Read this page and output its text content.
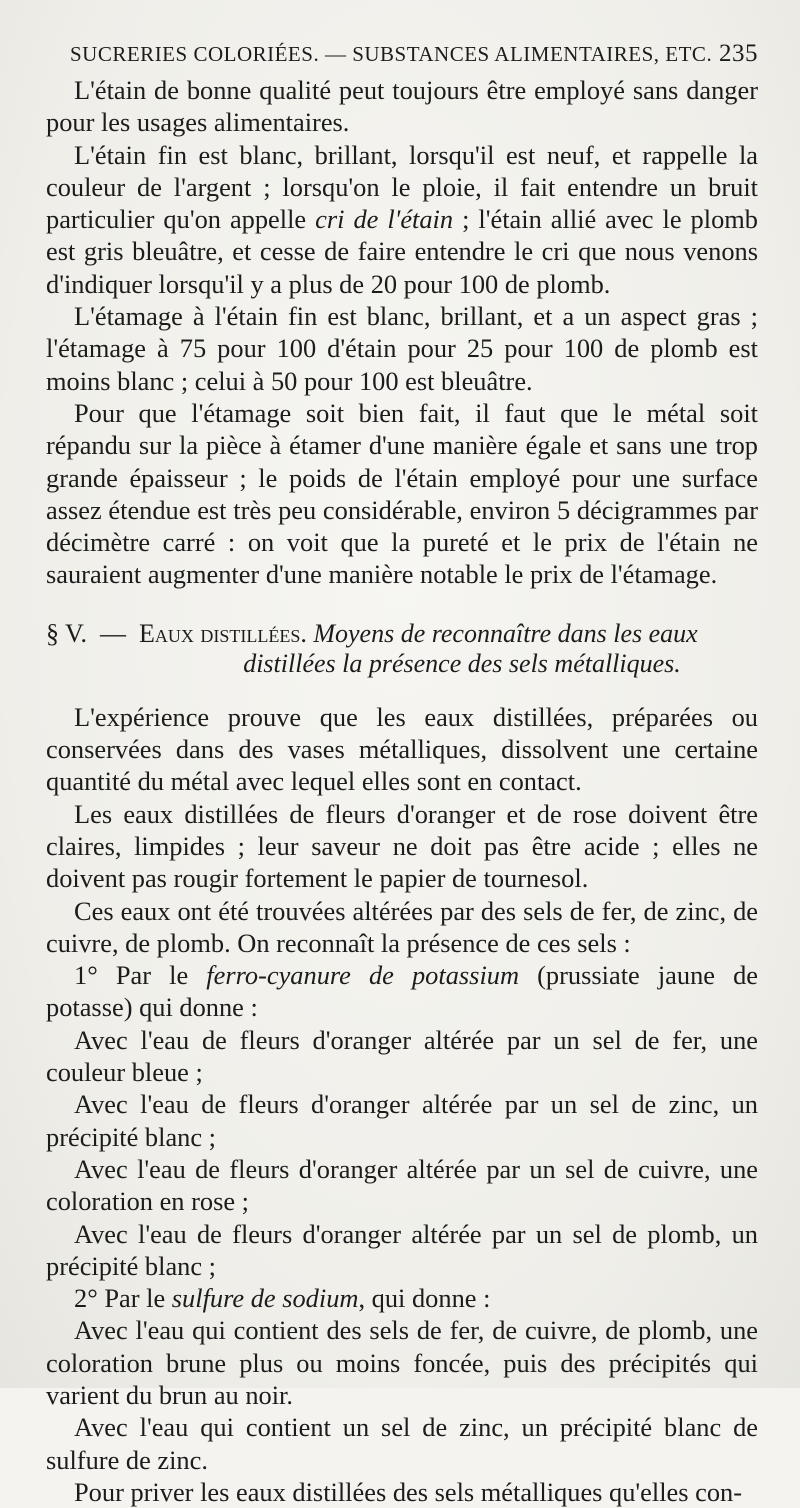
SUCRERIES COLORIÉES. — SUBSTANCES ALIMENTAIRES, ETC. 235

L'étain de bonne qualité peut toujours être employé sans danger pour les usages alimentaires.

L'étain fin est blanc, brillant, lorsqu'il est neuf, et rappelle la couleur de l'argent ; lorsqu'on le ploie, il fait entendre un bruit particulier qu'on appelle cri de l'étain ; l'étain allié avec le plomb est gris bleuâtre, et cesse de faire entendre le cri que nous venons d'indiquer lorsqu'il y a plus de 20 pour 100 de plomb.

L'étamage à l'étain fin est blanc, brillant, et a un aspect gras ; l'étamage à 75 pour 100 d'étain pour 25 pour 100 de plomb est moins blanc ; celui à 50 pour 100 est bleuâtre.

Pour que l'étamage soit bien fait, il faut que le métal soit répandu sur la pièce à étamer d'une manière égale et sans une trop grande épaisseur ; le poids de l'étain employé pour une surface assez étendue est très peu considérable, environ 5 décigrammes par décimètre carré : on voit que la pureté et le prix de l'étain ne sauraient augmenter d'une manière notable le prix de l'étamage.

§ V. — Eaux distillées. Moyens de reconnaître dans les eaux
distillées la présence des sels métalliques.

L'expérience prouve que les eaux distillées, préparées ou conservées dans des vases métalliques, dissolvent une certaine quantité du métal avec lequel elles sont en contact.

Les eaux distillées de fleurs d'oranger et de rose doivent être claires, limpides ; leur saveur ne doit pas être acide ; elles ne doivent pas rougir fortement le papier de tournesol.

Ces eaux ont été trouvées altérées par des sels de fer, de zinc, de cuivre, de plomb. On reconnaît la présence de ces sels :

1° Par le ferro-cyanure de potassium (prussiate jaune de potasse) qui donne :

Avec l'eau de fleurs d'oranger altérée par un sel de fer, une couleur bleue ;

Avec l'eau de fleurs d'oranger altérée par un sel de zinc, un précipité blanc ;

Avec l'eau de fleurs d'oranger altérée par un sel de cuivre, une coloration en rose ;

Avec l'eau de fleurs d'oranger altérée par un sel de plomb, un précipité blanc ;

2° Par le sulfure de sodium, qui donne :

Avec l'eau qui contient des sels de fer, de cuivre, de plomb, une coloration brune plus ou moins foncée, puis des précipités qui varient du brun au noir.

Avec l'eau qui contient un sel de zinc, un précipité blanc de sulfure de zinc.

Pour priver les eaux distillées des sels métalliques qu'elles con-
